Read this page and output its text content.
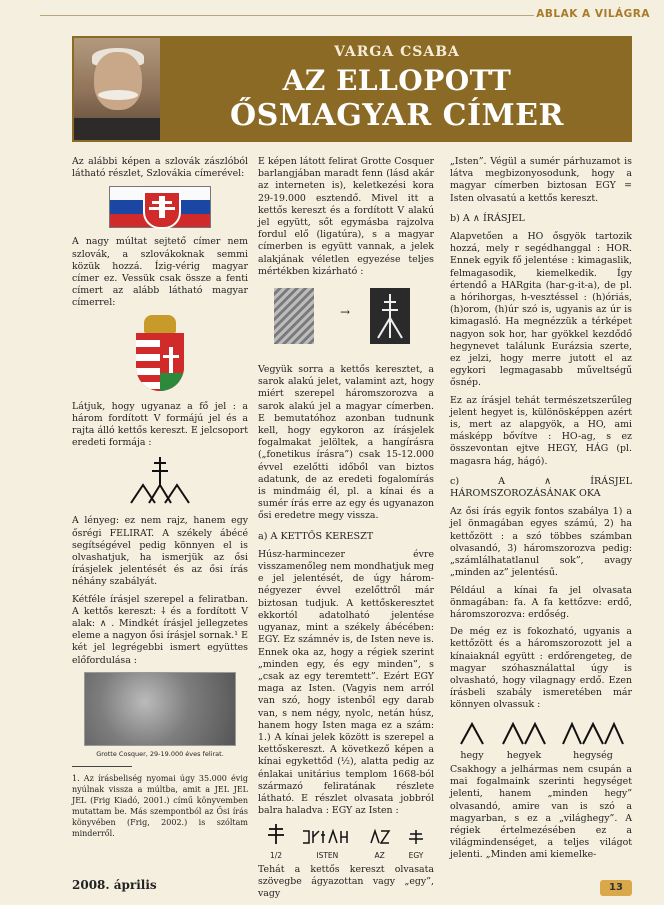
ABLAK A VILÁGRA
VARGA CSABA
AZ ELLOPOTT
ŐSMAGYAR CÍMER

Az alábbi képen a szlovák zászlóból látható részlet, Szlovákia címerével:

A nagy múltat sejtető címer nem szlovák, a szlovákoknak semmi közük hozzá. Ízig-vérig magyar címer ez. Vessük csak össze a fenti címert az alább látható magyar címerrel:

Látjuk, hogy ugyanaz a fő jel : a három fordított V formájú jel és a rajta álló kettős kereszt. E jelcsoport eredeti formája :

A lényeg: ez nem rajz, hanem egy ősrégi FELIRAT. A székely ábécé segítségével pedig könnyen el is olvashatjuk, ha ismerjük az ősi írásjelek jelentését és az ősi írás néhány szabályát.

Kétféle írásjel szerepel a feliratban. A kettős kereszt: ⸸ és a fordított V alak: ∧ . Mindkét írásjel jellegzetes eleme a nagyon ősi írásjel sornak.¹ E két jel legrégebbi ismert együttes előfordulása :

Grotte Cosquer, 29-19.000 éves felirat.

1. Az írásbeliség nyomai úgy 35.000 évig nyúlnak vissza a múltba, amit a JEL JEL JEL (Frig Kiadó, 2001.) című könyvemben mutattam be. Más szempontból az Ősi írás könyvében (Frig, 2002.) is szóltam minderről.

E képen látott felirat Grotte Cosquer barlangjában maradt fenn (lásd akár az interneten is), keletkezési kora 29-19.000 esztendő. Mivel itt a kettős kereszt és a fordított V alakú jel együtt, sőt egymásba rajzolva fordul elő (ligatúra), s a magyar címerben is együtt vannak, a jelek alakjának véletlen egyezése teljes mértékben kizárható :

→

Vegyük sorra a kettős keresztet, a sarok alakú jelet, valamint azt, hogy miért szerepel háromszorozva a sarok alakú jel a magyar címerben. E bemutatóhoz azonban tudnunk kell, hogy egykoron az írásjelek fogalmakat jelöltek, a hangírásra („fonetikus írásra”) csak 15-12.000 évvel ezelőtti időből van biztos adatunk, de az eredeti fogalomírás is mindmáig él, pl. a kínai és a sumér írás erre az egy és ugyanazon ősi eredetre megy vissza.

a) A KETTŐS KERESZT

Húsz-harmincezer évre visszamenőleg nem mondhatjuk meg e jel jelentését, de úgy három-négyezer évvel ezelőttről már biztosan tudjuk. A kettőskeresztet ekkortól adatolható jelentése ugyanaz, mint a székely ábécében: EGY. Ez számnév is, de Isten neve is. Ennek oka az, hogy a régiek szerint „minden egy, és egy minden”, s „csak az egy teremtett”. Ezért EGY maga az Isten. (Vagyis nem arról van szó, hogy istenből egy darab van, s nem négy, nyolc, netán húsz, hanem hogy Isten maga ez a szám: 1.) A kínai jelek között is szerepel a kettőskereszt. A következő képen a kínai egykettőd (½), alatta pedig az énlakai unitárius templom 1668-ból származó feliratának részlete látható. E részlet olvasata jobbról balra haladva : EGY az Isten :

1/2	ISTEN	AZ	EGY

Tehát a kettős kereszt olvasata szövegbe ágyazottan vagy „egy”, vagy

„Isten”. Végül a sumér párhuzamot is látva megbizonyosodunk, hogy a magyar címerben biztosan EGY = Isten olvasatú a kettős kereszt.

b) A ∧ ÍRÁSJEL

Alapvetően a HO ősgyök tartozik hozzá, mely r segédhanggal : HOR. Ennek egyik fő jelentése : kimagaslik, felmagasodik, kiemelkedik. Így értendő a HARgita (har-g-it-a), de pl. a hórihorgas, h-vesztéssel : (h)óriás, (h)orom, (h)úr szó is, ugyanis az úr is kimagasló. Ha megnézzük a térképet nagyon sok hor, har gyökkel kezdődő hegynevet találunk Eurázsia szerte, ez jelzi, hogy merre jutott el az egykori legmagasabb műveltségű ősnép.

Ez az írásjel tehát természetszerűleg jelent hegyet is, különösképpen azért is, mert az alapgyök, a HO, ami másképp bővítve : HO-ag, s ez összevontan ejtve HEGY, HÁG (pl. magasra hág, hágó).

c) A ∧ ÍRÁSJEL HÁROMSZOROZÁSÁNAK OKA

Az ősi írás egyik fontos szabálya 1) a jel önmagában egyes számú, 2) ha kettőzött : a szó többes számban olvasandó, 3) háromszorozva pedig: „számlálhatatlanul sok”, avagy „minden az” jelentésű.

Például a kínai fa jel olvasata önmagában: fa. A fa kettőzve: erdő, háromszorozva: erdőség.

De még ez is fokozható, ugyanis a kettőzött és a háromszorozott jel a kínaiaknál együtt : erdőrengeteg, de magyar szóhasználattal úgy is olvasható, hogy vilagnagy erdő. Ezen írásbeli szabály ismeretében már könnyen olvassuk :

hegy	hegyek	hegység

Csakhogy a jelhármas nem csupán a mai fogalmaink szerinti hegységet jelenti, hanem „minden hegy” olvasandó, amire van is szó a magyarban, s ez a „világhegy”. A régiek értelmezésében ez a világmindenséget, a teljes világot jelenti. „Minden ami kiemelke-

2008. április	13
